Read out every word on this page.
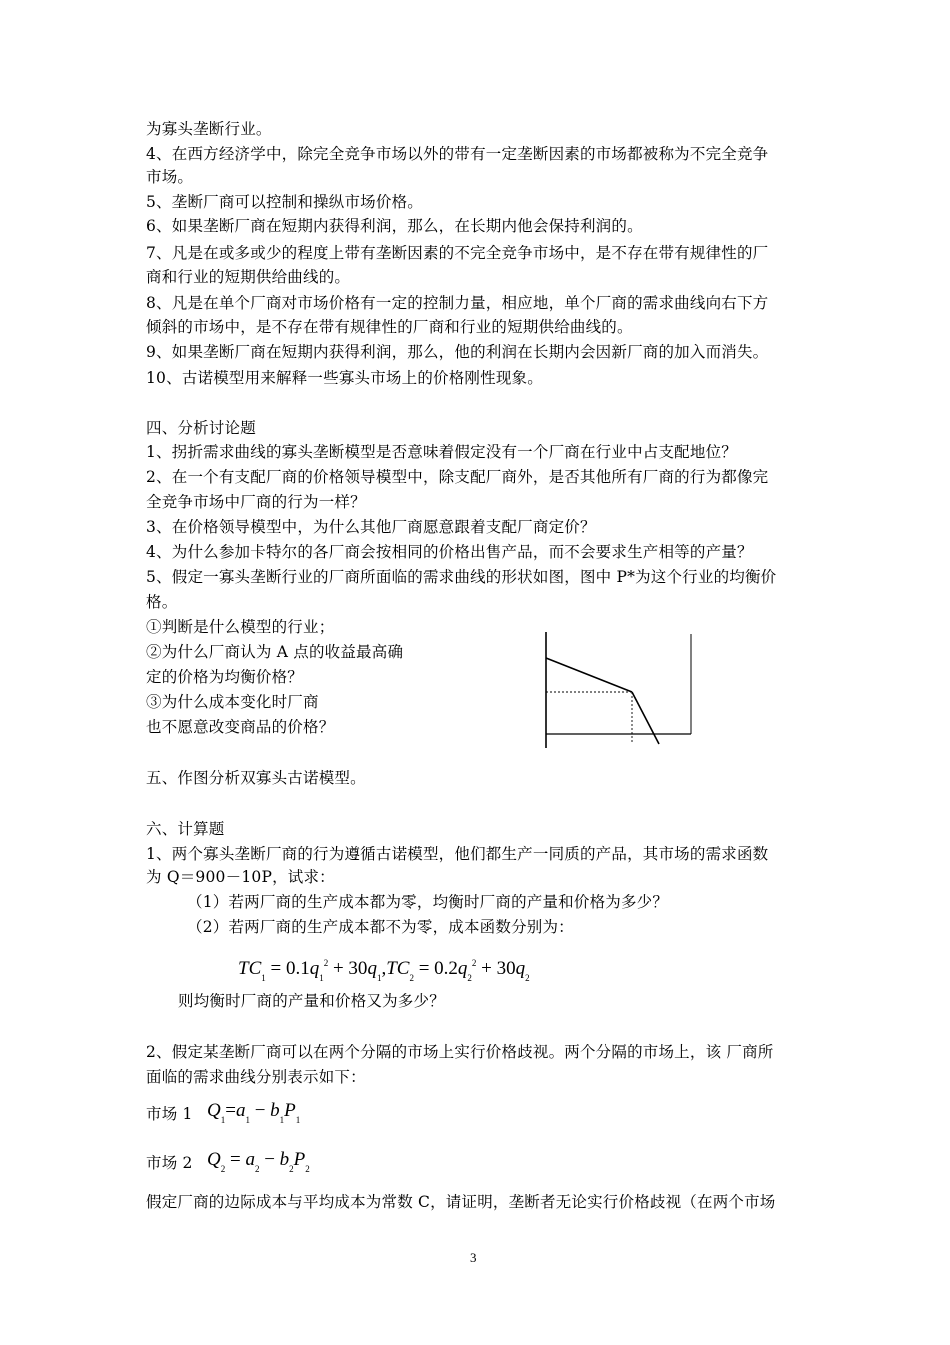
为寡头垄断行业。
4、在西方经济学中，除完全竞争市场以外的带有一定垄断因素的市场都被称为不完全竞争
市场。
5、垄断厂商可以控制和操纵市场价格。
6、如果垄断厂商在短期内获得利润，那么，在长期内他会保持利润的。
7、凡是在或多或少的程度上带有垄断因素的不完全竞争市场中，是不存在带有规律性的厂
商和行业的短期供给曲线的。
8、凡是在单个厂商对市场价格有一定的控制力量，相应地，单个厂商的需求曲线向右下方
倾斜的市场中，是不存在带有规律性的厂商和行业的短期供给曲线的。
9、如果垄断厂商在短期内获得利润，那么，他的利润在长期内会因新厂商的加入而消失。
10、古诺模型用来解释一些寡头市场上的价格刚性现象。
四、分析讨论题
1、拐折需求曲线的寡头垄断模型是否意味着假定没有一个厂商在行业中占支配地位？
2、在一个有支配厂商的价格领导模型中，除支配厂商外，是否其他所有厂商的行为都像完
全竞争市场中厂商的行为一样？
3、在价格领导模型中，为什么其他厂商愿意跟着支配厂商定价？
4、为什么参加卡特尔的各厂商会按相同的价格出售产品，而不会要求生产相等的产量？
5、假定一寡头垄断行业的厂商所面临的需求曲线的形状如图，图中 P*为这个行业的均衡价
格。
①判断是什么模型的行业；
②为什么厂商认为 A 点的收益最高确
定的价格为均衡价格？
③为什么成本变化时厂商
也不愿意改变商品的价格？
五、作图分析双寡头古诺模型。
六、计算题
1、两个寡头垄断厂商的行为遵循古诺模型，他们都生产一同质的产品，其市场的需求函数
为 Q＝900－10P，试求：
（1）若两厂商的生产成本都为零，均衡时厂商的产量和价格为多少？
（2）若两厂商的生产成本都不为零，成本函数分别为：
$TC_1 = 0.1q_1^2 + 30q_1,TC_2 = 0.2q_2^2 + 30q_2$
则均衡时厂商的产量和价格又为多少？
2、假定某垄断厂商可以在两个分隔的市场上实行价格歧视。两个分隔的市场上，该 厂商所
面临的需求曲线分别表示如下：
市场 1 $Q_1=a_1 - b_1P_1$
市场 2 $Q_2 = a_2 - b_2P_2$
假定厂商的边际成本与平均成本为常数 C，请证明，垄断者无论实行价格歧视（在两个市场
3
